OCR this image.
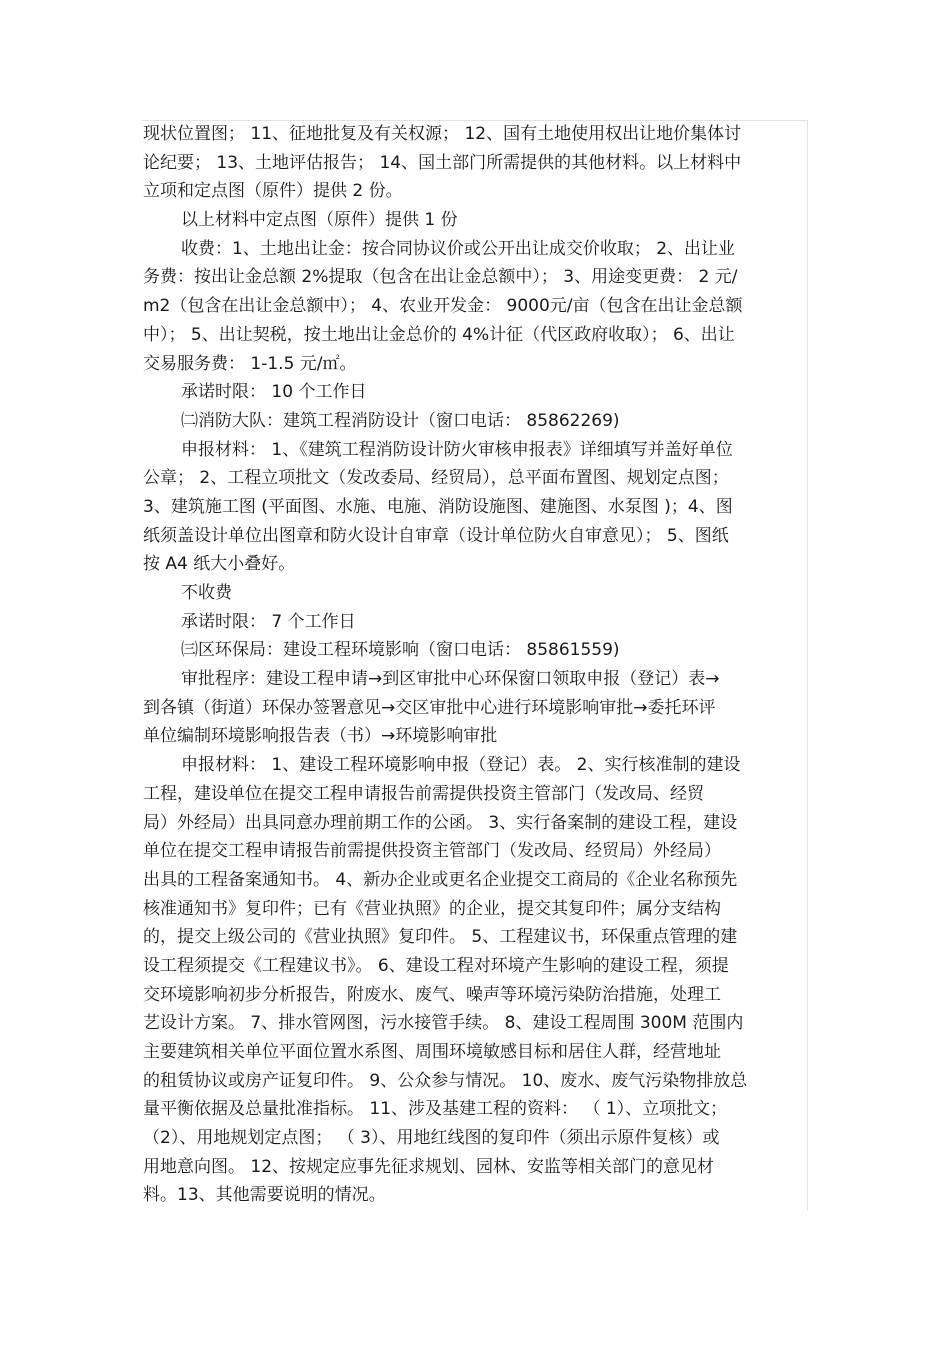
现状位置图； 11、征地批复及有关权源； 12、国有土地使用权出让地价集体讨
论纪要； 13、土地评估报告； 14、国土部门所需提供的其他材料。以上材料中
立项和定点图（原件）提供 2 份。
以上材料中定点图（原件）提供 1 份
收费：1、土地出让金：按合同协议价或公开出让成交价收取； 2、出让业
务费：按出让金总额 2%提取（包含在出让金总额中）； 3、用途变更费： 2 元/
m2（包含在出让金总额中）； 4、农业开发金： 9000元/亩（包含在出让金总额
中）； 5、出让契税，按土地出让金总价的 4%计征（代区政府收取）； 6、出让
交易服务费： 1-1.5 元/㎡。
承诺时限： 10 个工作日
㈡消防大队：建筑工程消防设计（窗口电话： 85862269)
申报材料： 1、《建筑工程消防设计防火审核申报表》详细填写并盖好单位
公章； 2、工程立项批文（发改委局、经贸局），总平面布置图、规划定点图；
3、建筑施工图 (平面图、水施、电施、消防设施图、建施图、水泵图 )；4、图
纸须盖设计单位出图章和防火设计自审章（设计单位防火自审意见）； 5、图纸
按 A4 纸大小叠好。
不收费
承诺时限： 7 个工作日
㈢区环保局：建设工程环境影响（窗口电话： 85861559)
审批程序：建设工程申请→到区审批中心环保窗口领取申报（登记）表→
到各镇（街道）环保办签署意见→交区审批中心进行环境影响审批→委托环评
单位编制环境影响报告表（书）→环境影响审批
申报材料： 1、建设工程环境影响申报（登记）表。 2、实行核准制的建设
工程，建设单位在提交工程申请报告前需提供投资主管部门（发改局、经贸
局）外经局）出具同意办理前期工作的公函。 3、实行备案制的建设工程，建设
单位在提交工程申请报告前需提供投资主管部门（发改局、经贸局）外经局）
出具的工程备案通知书。 4、新办企业或更名企业提交工商局的《企业名称预先
核准通知书》复印件；已有《营业执照》的企业，提交其复印件；属分支结构
的，提交上级公司的《营业执照》复印件。 5、工程建议书，环保重点管理的建
设工程须提交《工程建议书》。 6、建设工程对环境产生影响的建设工程，须提
交环境影响初步分析报告，附废水、废气、噪声等环境污染防治措施，处理工
艺设计方案。 7、排水管网图，污水接管手续。 8、建设工程周围 300M 范围内
主要建筑相关单位平面位置水系图、周围环境敏感目标和居住人群，经营地址
的租赁协议或房产证复印件。 9、公众参与情况。 10、废水、废气污染物排放总
量平衡依据及总量批准指标。 11、涉及基建工程的资料： （ 1）、立项批文；
（2）、用地规划定点图； （ 3）、用地红线图的复印件（须出示原件复核）或
用地意向图。 12、按规定应事先征求规划、园林、安监等相关部门的意见材
料。13、其他需要说明的情况。
